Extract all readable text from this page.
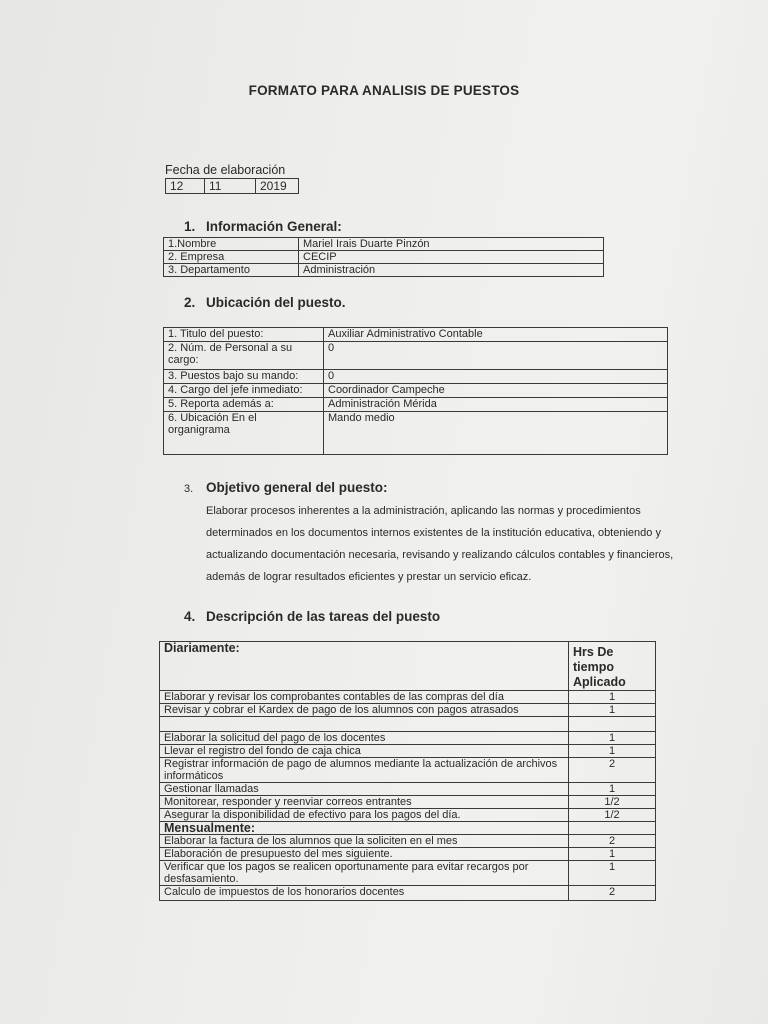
FORMATO PARA ANALISIS DE PUESTOS
Fecha de elaboración
12	11	2019
1. Información General:
1.Nombre	Mariel Irais Duarte Pinzón
2. Empresa	CECIP
3. Departamento	Administración
2. Ubicación del puesto.
1. Titulo del puesto:	Auxiliar Administrativo Contable
2. Núm. de Personal a su cargo:	0
3. Puestos bajo su mando:	0
4. Cargo del jefe inmediato:	Coordinador Campeche
5. Reporta además a:	Administración Mérida
6. Ubicación En el organigrama	Mando medio
3. Objetivo general del puesto:
Elaborar procesos inherentes a la administración, aplicando las normas y procedimientos determinados en los documentos internos existentes de la institución educativa, obteniendo y actualizando documentación necesaria, revisando y realizando cálculos contables y financieros, además de lograr resultados eficientes y prestar un servicio eficaz.
4. Descripción de las tareas del puesto
Diariamente:	Hrs De tiempo Aplicado
Elaborar y revisar los comprobantes contables de las compras del día	1
Revisar y cobrar el Kardex de pago de los alumnos con pagos atrasados	1

Elaborar la solicitud del pago de los docentes	1
Llevar el registro del fondo de caja chica	1
Registrar información de pago de alumnos mediante la actualización de archivos informáticos	2
Gestionar llamadas	1
Monitorear, responder y reenviar correos entrantes	1/2
Asegurar la disponibilidad de efectivo para los pagos del día.	1/2
Mensualmente:	
Elaborar la factura de los alumnos que la soliciten en el mes	2
Elaboración de presupuesto del mes siguiente.	1
Verificar que los pagos se realicen oportunamente para evitar recargos por desfasamiento.	1
Calculo de impuestos de los honorarios docentes	2
